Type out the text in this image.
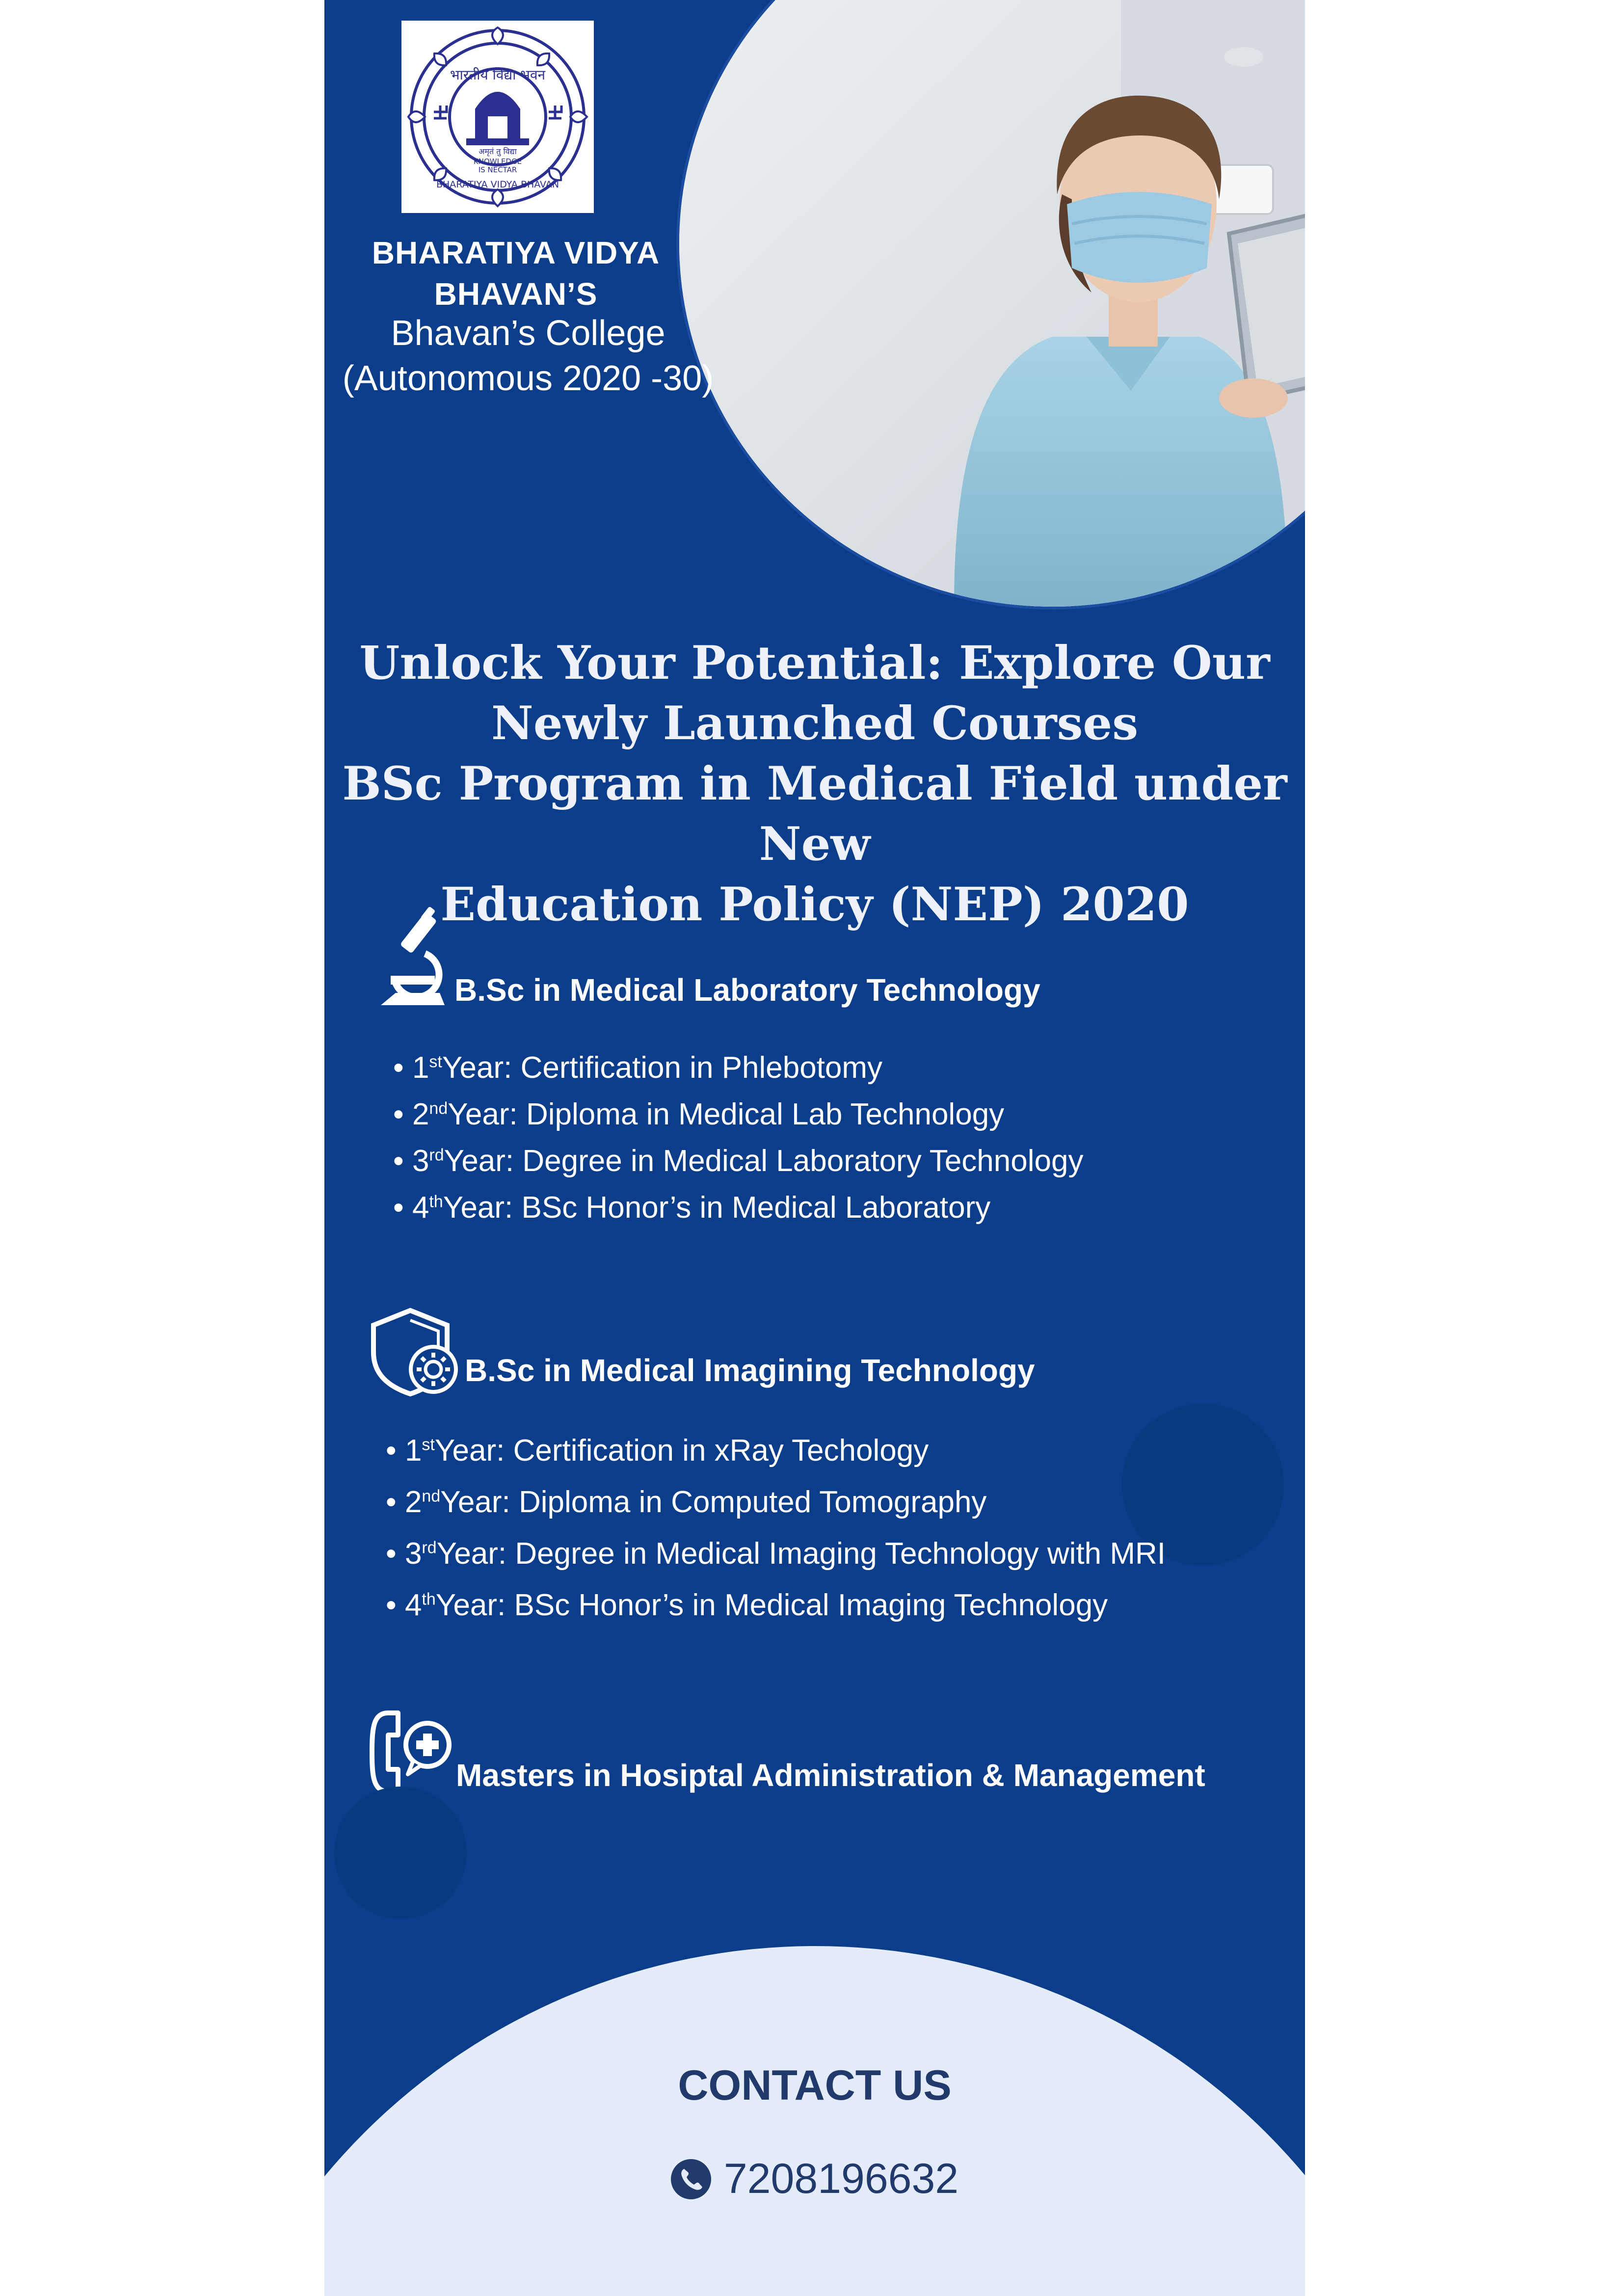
भारतीय विद्या भवन
अमृतं तु विद्या
KNOWLEDGE
IS NECTAR
BHARATIYA VIDYA BHAVAN
BHARATIYA VIDYA
BHAVAN’S
Bhavan’s College
(Autonomous 2020 -30)
Unlock Your Potential: Explore Our
Newly Launched Courses
BSc Program in Medical Field under New
Education Policy (NEP) 2020
B.Sc in Medical Laboratory Technology
• 1stYear: Certification in Phlebotomy
• 2ndYear: Diploma in Medical Lab Technology
• 3rdYear: Degree in Medical Laboratory Technology
• 4thYear: BSc Honor’s in Medical Laboratory
B.Sc in Medical Imagining Technology
• 1stYear: Certification in xRay Techology
• 2ndYear: Diploma in Computed Tomography
• 3rdYear: Degree in Medical Imaging Technology with MRI
• 4thYear: BSc Honor’s in Medical Imaging Technology
Masters in Hosiptal Administration & Management
CONTACT US
7208196632
